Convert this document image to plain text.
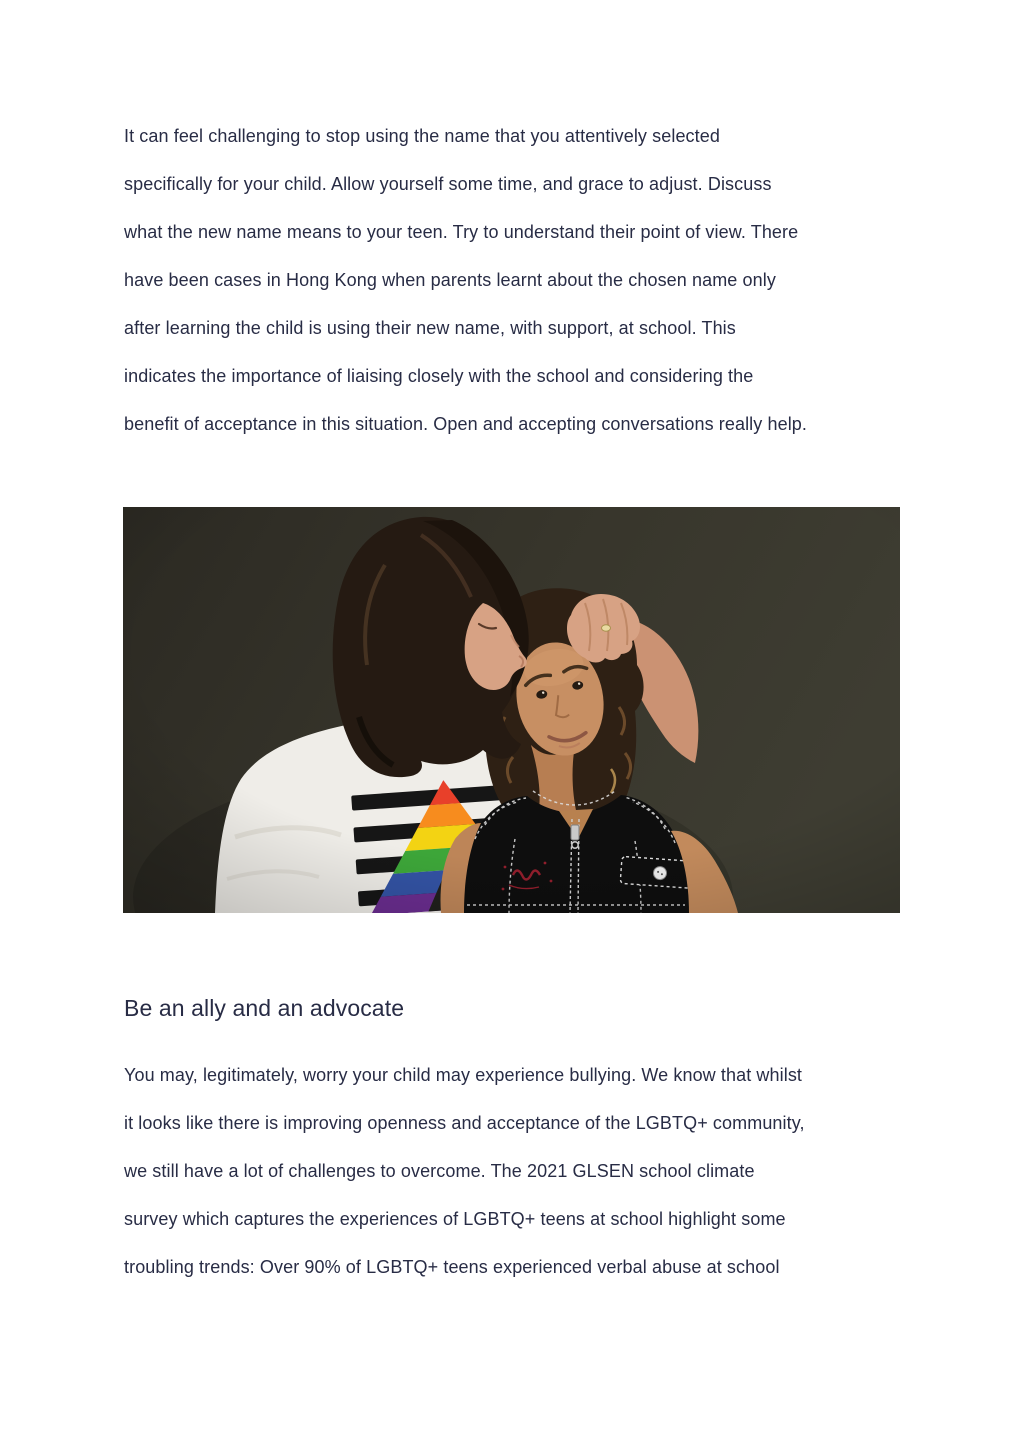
It can feel challenging to stop using the name that you attentively selected
specifically for your child. Allow yourself some time, and grace to adjust. Discuss
what the new name means to your teen. Try to understand their point of view. There
have been cases in Hong Kong when parents learnt about the chosen name only
after learning the child is using their new name, with support, at school. This
indicates the importance of liaising closely with the school and considering the
benefit of acceptance in this situation. Open and accepting conversations really help.
Be an ally and an advocate
You may, legitimately, worry your child may experience bullying. We know that whilst
it looks like there is improving openness and acceptance of the LGBTQ+ community,
we still have a lot of challenges to overcome. The 2021 GLSEN school climate
survey which captures the experiences of LGBTQ+ teens at school highlight some
troubling trends: Over 90% of LGBTQ+ teens experienced verbal abuse at school
